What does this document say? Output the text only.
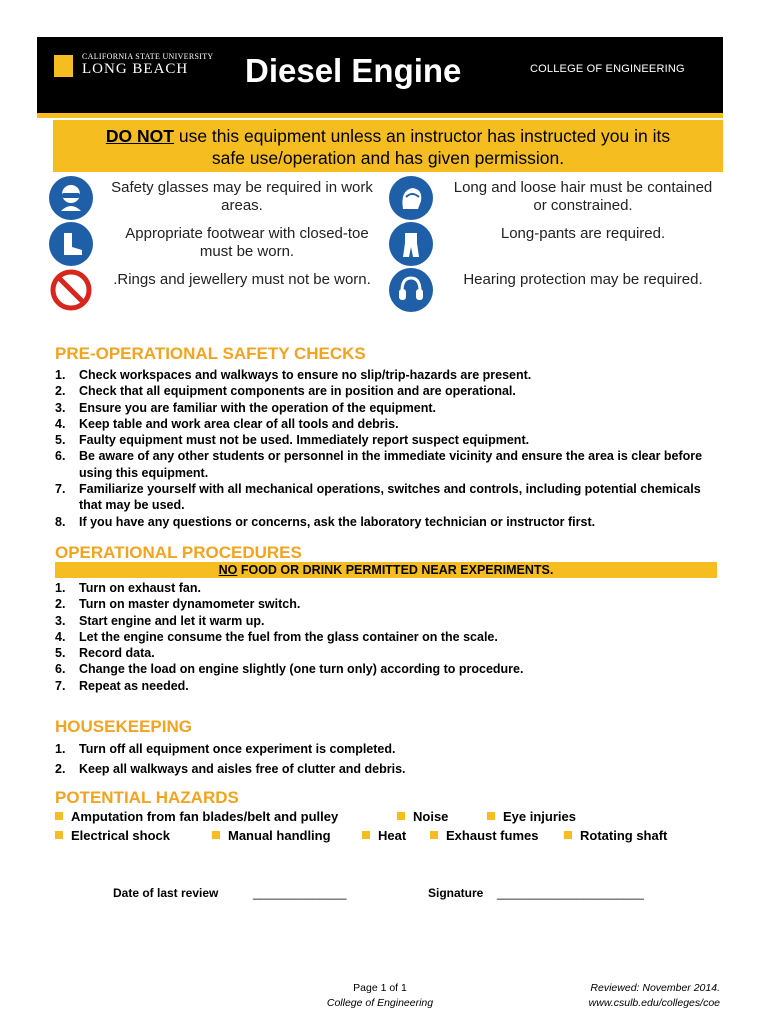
CALIFORNIA STATE UNIVERSITY
LONG BEACH	Diesel Engine	COLLEGE OF ENGINEERING
DO NOT use this equipment unless an instructor has instructed you in its
safe use/operation and has given permission.
Safety glasses may be required in work areas.
Long and loose hair must be contained or constrained.
Appropriate footwear with closed-toe must be worn.
Long-pants are required.
.Rings and jewellery must not be worn.	Hearing protection may be required.
PRE-OPERATIONAL SAFETY CHECKS
1.	Check workspaces and walkways to ensure no slip/trip-hazards are present.
2.	Check that all equipment components are in position and are operational.
3.	Ensure you are familiar with the operation of the equipment.
4.	Keep table and work area clear of all tools and debris.
5.	Faulty equipment must not be used. Immediately report suspect equipment.
6.	Be aware of any other students or personnel in the immediate vicinity and ensure the area is clear before using this equipment.
7.	Familiarize yourself with all mechanical operations, switches and controls, including potential chemicals that may be used.
8.	If you have any questions or concerns, ask the laboratory technician or instructor first.
OPERATIONAL PROCEDURES
NO FOOD OR DRINK PERMITTED NEAR EXPERIMENTS.
1.	Turn on exhaust fan.
2.	Turn on master dynamometer switch.
3.	Start engine and let it warm up.
4.	Let the engine consume the fuel from the glass container on the scale.
5.	Record data.
6.	Change the load on engine slightly (one turn only) according to procedure.
7.	Repeat as needed.
HOUSEKEEPING
1.	Turn off all equipment once experiment is completed.
2.	Keep all walkways and aisles free of clutter and debris.
POTENTIAL HAZARDS
Amputation from fan blades/belt and pulley	Noise	Eye injuries
Electrical shock	Manual handling	Heat	Exhaust fumes	Rotating shaft
Date of last review	______________	Signature ______________________
Page 1 of 1
College of Engineering
Reviewed: November 2014.
www.csulb.edu/colleges/coe
